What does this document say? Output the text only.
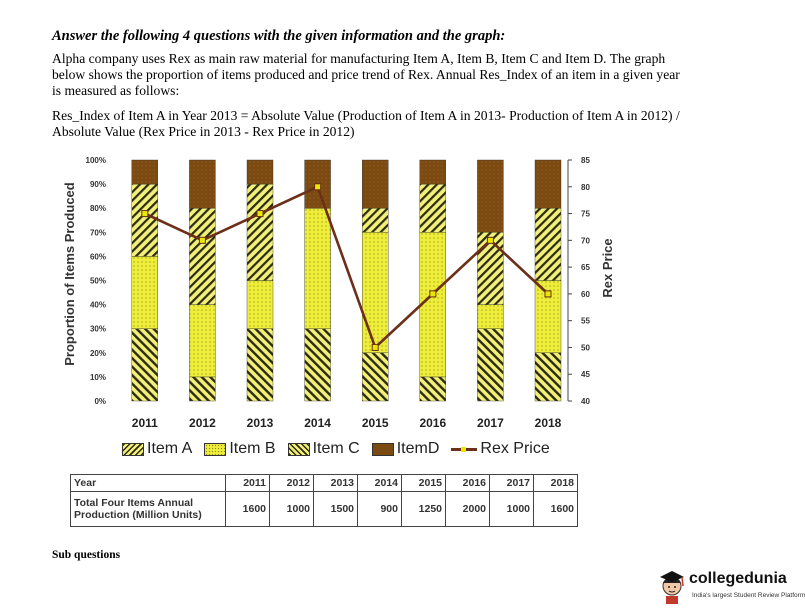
Answer the following 4 questions with the given information and the graph:

Alpha company uses Rex as main raw material for manufacturing Item A, Item B, Item C and Item D. The graph below shows the proportion of items produced and price trend of Rex. Annual Res_Index of an item in a given year is measured as follows:

Res_Index of Item A in Year 2013 = Absolute Value (Production of Item A in 2013- Production of Item A in 2012) / Absolute Value (Rex Price in 2013 - Rex Price in 2012)

Proportion of Items Produced	Rex Price
0%
10%
20%
30%
40%
50%
60%
70%
80%
90%
100%
40
45
50
55
60
65
70
75
80
85
2011	2012	2013	2014	2015	2016	2017	2018
Item A Item B Item C ItemD	Rex Price
Year	2011	2012	2013	2014	2015	2016	2017	2018
Total Four Items Annual Production (Million Units)	1600	1000	1500	900	1250	2000	1000	1600
Sub questions
collegedunia
India's largest Student Review Platform
